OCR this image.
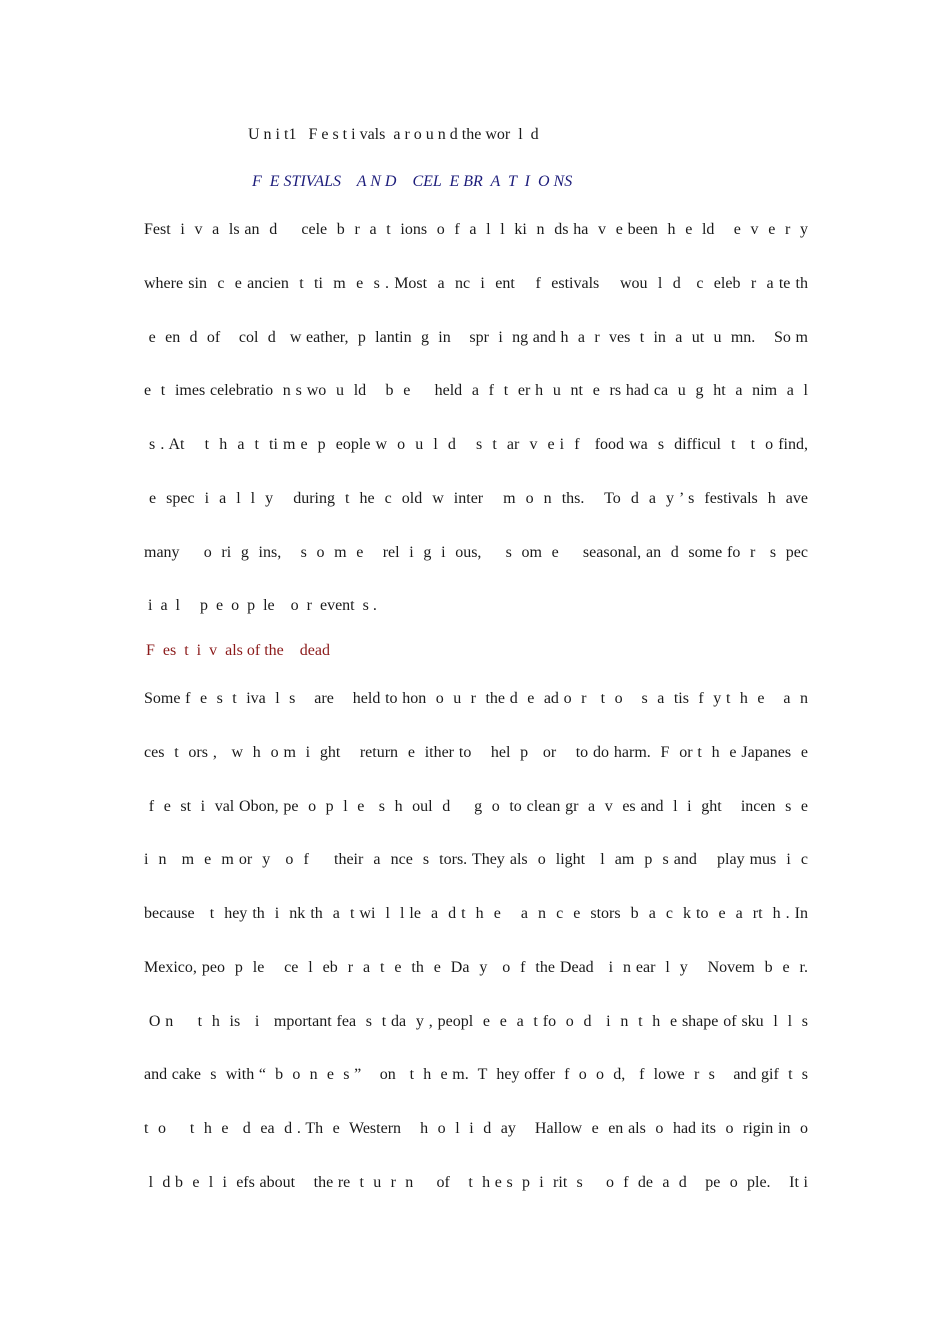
U n i t1   F e s t i vals  a r o u n d the wor  l  d
F  E STIVALS    A N D    CEL  E BR  A  T  I  O NS
Fest  i  v  a  ls an  d     cele  b  r  a  t  ions  o  f  a  l  l  ki  n  ds ha  v  e been  h  e  ld    e  v  e  r  y
where sin  c  e ancien  t  ti  m  e  s . Most  a  nc  i  ent    f  estivals    wou  l  d   c  eleb  r  a te th
e  en  d  of    col  d   w eather,  p  lantin  g  in    spr  i  ng and h  a  r  ves  t  in  a  ut  u  mn.    So m
e  t  imes celebratio  n s wo  u  ld    b  e     held  a  f  t  er h  u  nt  e  rs had ca  u  g  ht  a  nim  a  l
s . At    t  h  a  t  ti m e  p  eople w  o  u  l  d    s  t  ar  v  e i  f   food wa  s  difficul  t   t  o find,
e  spec  i  a  l  l  y    during  t  he  c  old  w  inter    m  o  n  ths.    To  d  a  y ’ s  festivals  h  ave
many     o  ri  g  ins,    s  o  m  e    rel  i  g  i  ous,     s  om  e     seasonal, an  d  some fo  r   s  pec
i  a  l     p  e  o  p  le    o  r  event  s .
F  es  t  i  v  als of the    dead
Some f  e  s  t  iva  l  s    are    held to hon  o  u  r  the d  e  ad o  r   t  o    s  a  tis  f  y t  h  e    a  n
ces  t  ors ,   w  h  o m  i  ght    return  e  ither to    hel  p   or    to do harm.  F  or t  h  e Japanes  e
f  e  st  i  val Obon, pe  o  p  l  e   s  h  oul  d     g  o  to clean gr  a  v  es and  l  i  ght    incen  s  e
i  n   m  e  m or  y   o  f     their  a  nce  s  tors. They als  o  light   l  am  p  s and    play mus  i  c
because   t  hey th  i  nk th  a  t wi  l  l le  a  d t  h  e    a  n  c  e  stors  b  a  c  k to  e  a  rt  h . In
Mexico, peo  p  le    ce  l  eb  r  a  t  e  th  e  Da  y   o  f  the Dead   i  n ear  l  y    Novem  b  e  r.
O n     t  h  is   i   mportant fea  s  t da  y , peopl  e  e  a  t fo  o  d   i  n  t  h  e shape of sku  l  l  s
and cake  s  with “  b  o  n  e  s ”    on   t  h  e m.  T  hey offer  f  o  o  d,   f  lowe  r  s    and gif  t  s
t  o     t  h  e   d  ea  d . Th  e  Western    h  o  l  i  d  ay    Hallow  e  en als  o  had its  o  rigin in  o
l  d b  e  l  i  efs about    the re  t  u  r  n     of    t  h e s  p  i  rit  s     o  f  de  a  d    pe  o  ple.    It i
